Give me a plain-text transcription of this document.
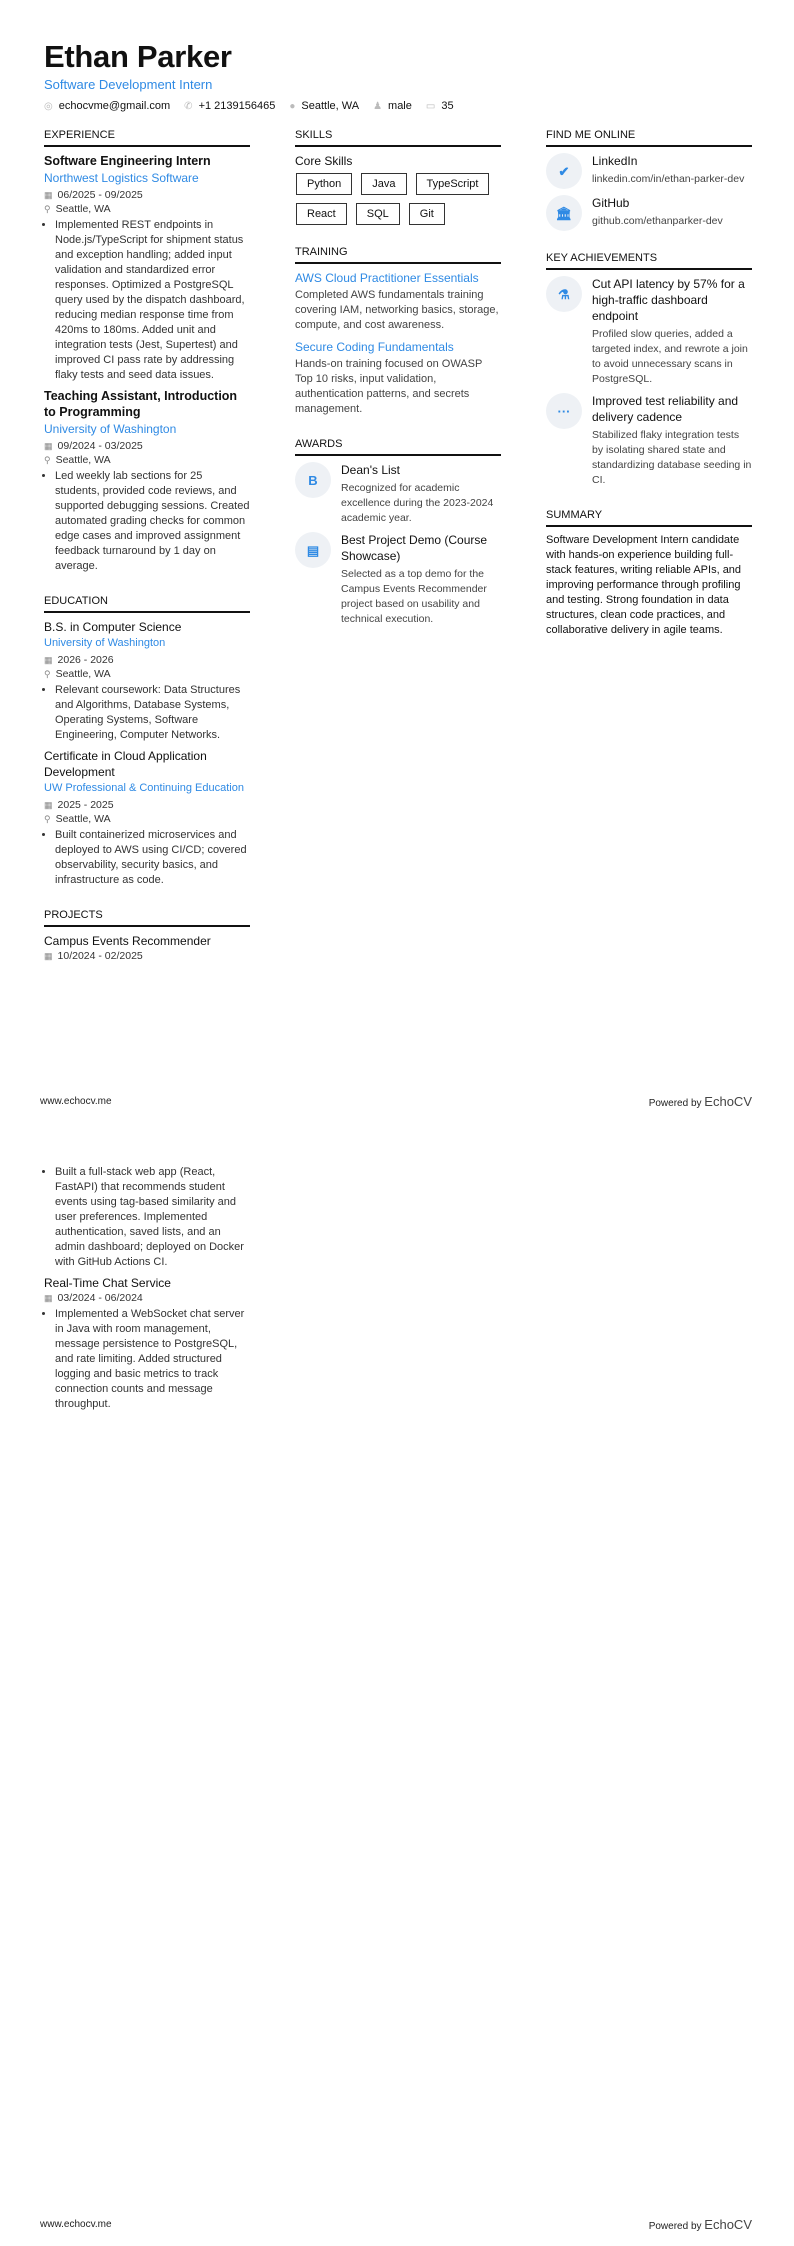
Ethan Parker
Software Development Intern
◎ echocvme@gmail.com ✆ +1 2139156465 ● Seattle, WA ♟ male ▭ 35
EXPERIENCE
Software Engineering Intern
Northwest Logistics Software
▦ 06/2025 - 09/2025
⚲ Seattle, WA
• Implemented REST endpoints in Node.js/TypeScript for shipment status and exception handling; added input validation and standardized error responses. Optimized a PostgreSQL query used by the dispatch dashboard, reducing median response time from 420ms to 180ms. Added unit and integration tests (Jest, Supertest) and improved CI pass rate by addressing flaky tests and seed data issues.
Teaching Assistant, Introduction to Programming
University of Washington
▦ 09/2024 - 03/2025
⚲ Seattle, WA
• Led weekly lab sections for 25 students, provided code reviews, and supported debugging sessions. Created automated grading checks for common edge cases and improved assignment feedback turnaround by 1 day on average.
EDUCATION
B.S. in Computer Science
University of Washington
▦ 2026 - 2026
⚲ Seattle, WA
• Relevant coursework: Data Structures and Algorithms, Database Systems, Operating Systems, Software Engineering, Computer Networks.
Certificate in Cloud Application Development
UW Professional & Continuing Education
▦ 2025 - 2025
⚲ Seattle, WA
• Built containerized microservices and deployed to AWS using CI/CD; covered observability, security basics, and infrastructure as code.
PROJECTS
Campus Events Recommender
▦ 10/2024 - 02/2025
SKILLS
Core Skills
Python	Java	TypeScript
React	SQL	Git
TRAINING
AWS Cloud Practitioner Essentials
Completed AWS fundamentals training covering IAM, networking basics, storage, compute, and cost awareness.
Secure Coding Fundamentals
Hands-on training focused on OWASP Top 10 risks, input validation, authentication patterns, and secrets management.
AWARDS
B
Dean's List
Recognized for academic excellence during the 2023-2024 academic year.
▤
Best Project Demo (Course Showcase)
Selected as a top demo for the Campus Events Recommender project based on usability and technical execution.
FIND ME ONLINE
✔
LinkedIn
linkedin.com/in/ethan-parker-dev
🏛
GitHub
github.com/ethanparker-dev
KEY ACHIEVEMENTS
⚗
Cut API latency by 57% for a high-traffic dashboard endpoint
Profiled slow queries, added a targeted index, and rewrote a join to avoid unnecessary scans in PostgreSQL.
···
Improved test reliability and delivery cadence
Stabilized flaky integration tests by isolating shared state and standardizing database seeding in CI.
SUMMARY
Software Development Intern candidate with hands-on experience building full-stack features, writing reliable APIs, and improving performance through profiling and testing. Strong foundation in data structures, clean code practices, and collaborative delivery in agile teams.
www.echocv.me	Powered by EchoCV
• Built a full-stack web app (React, FastAPI) that recommends student events using tag-based similarity and user preferences. Implemented authentication, saved lists, and an admin dashboard; deployed on Docker with GitHub Actions CI.
Real-Time Chat Service
▦ 03/2024 - 06/2024
• Implemented a WebSocket chat server in Java with room management, message persistence to PostgreSQL, and rate limiting. Added structured logging and basic metrics to track connection counts and message throughput.
www.echocv.me	Powered by EchoCV
